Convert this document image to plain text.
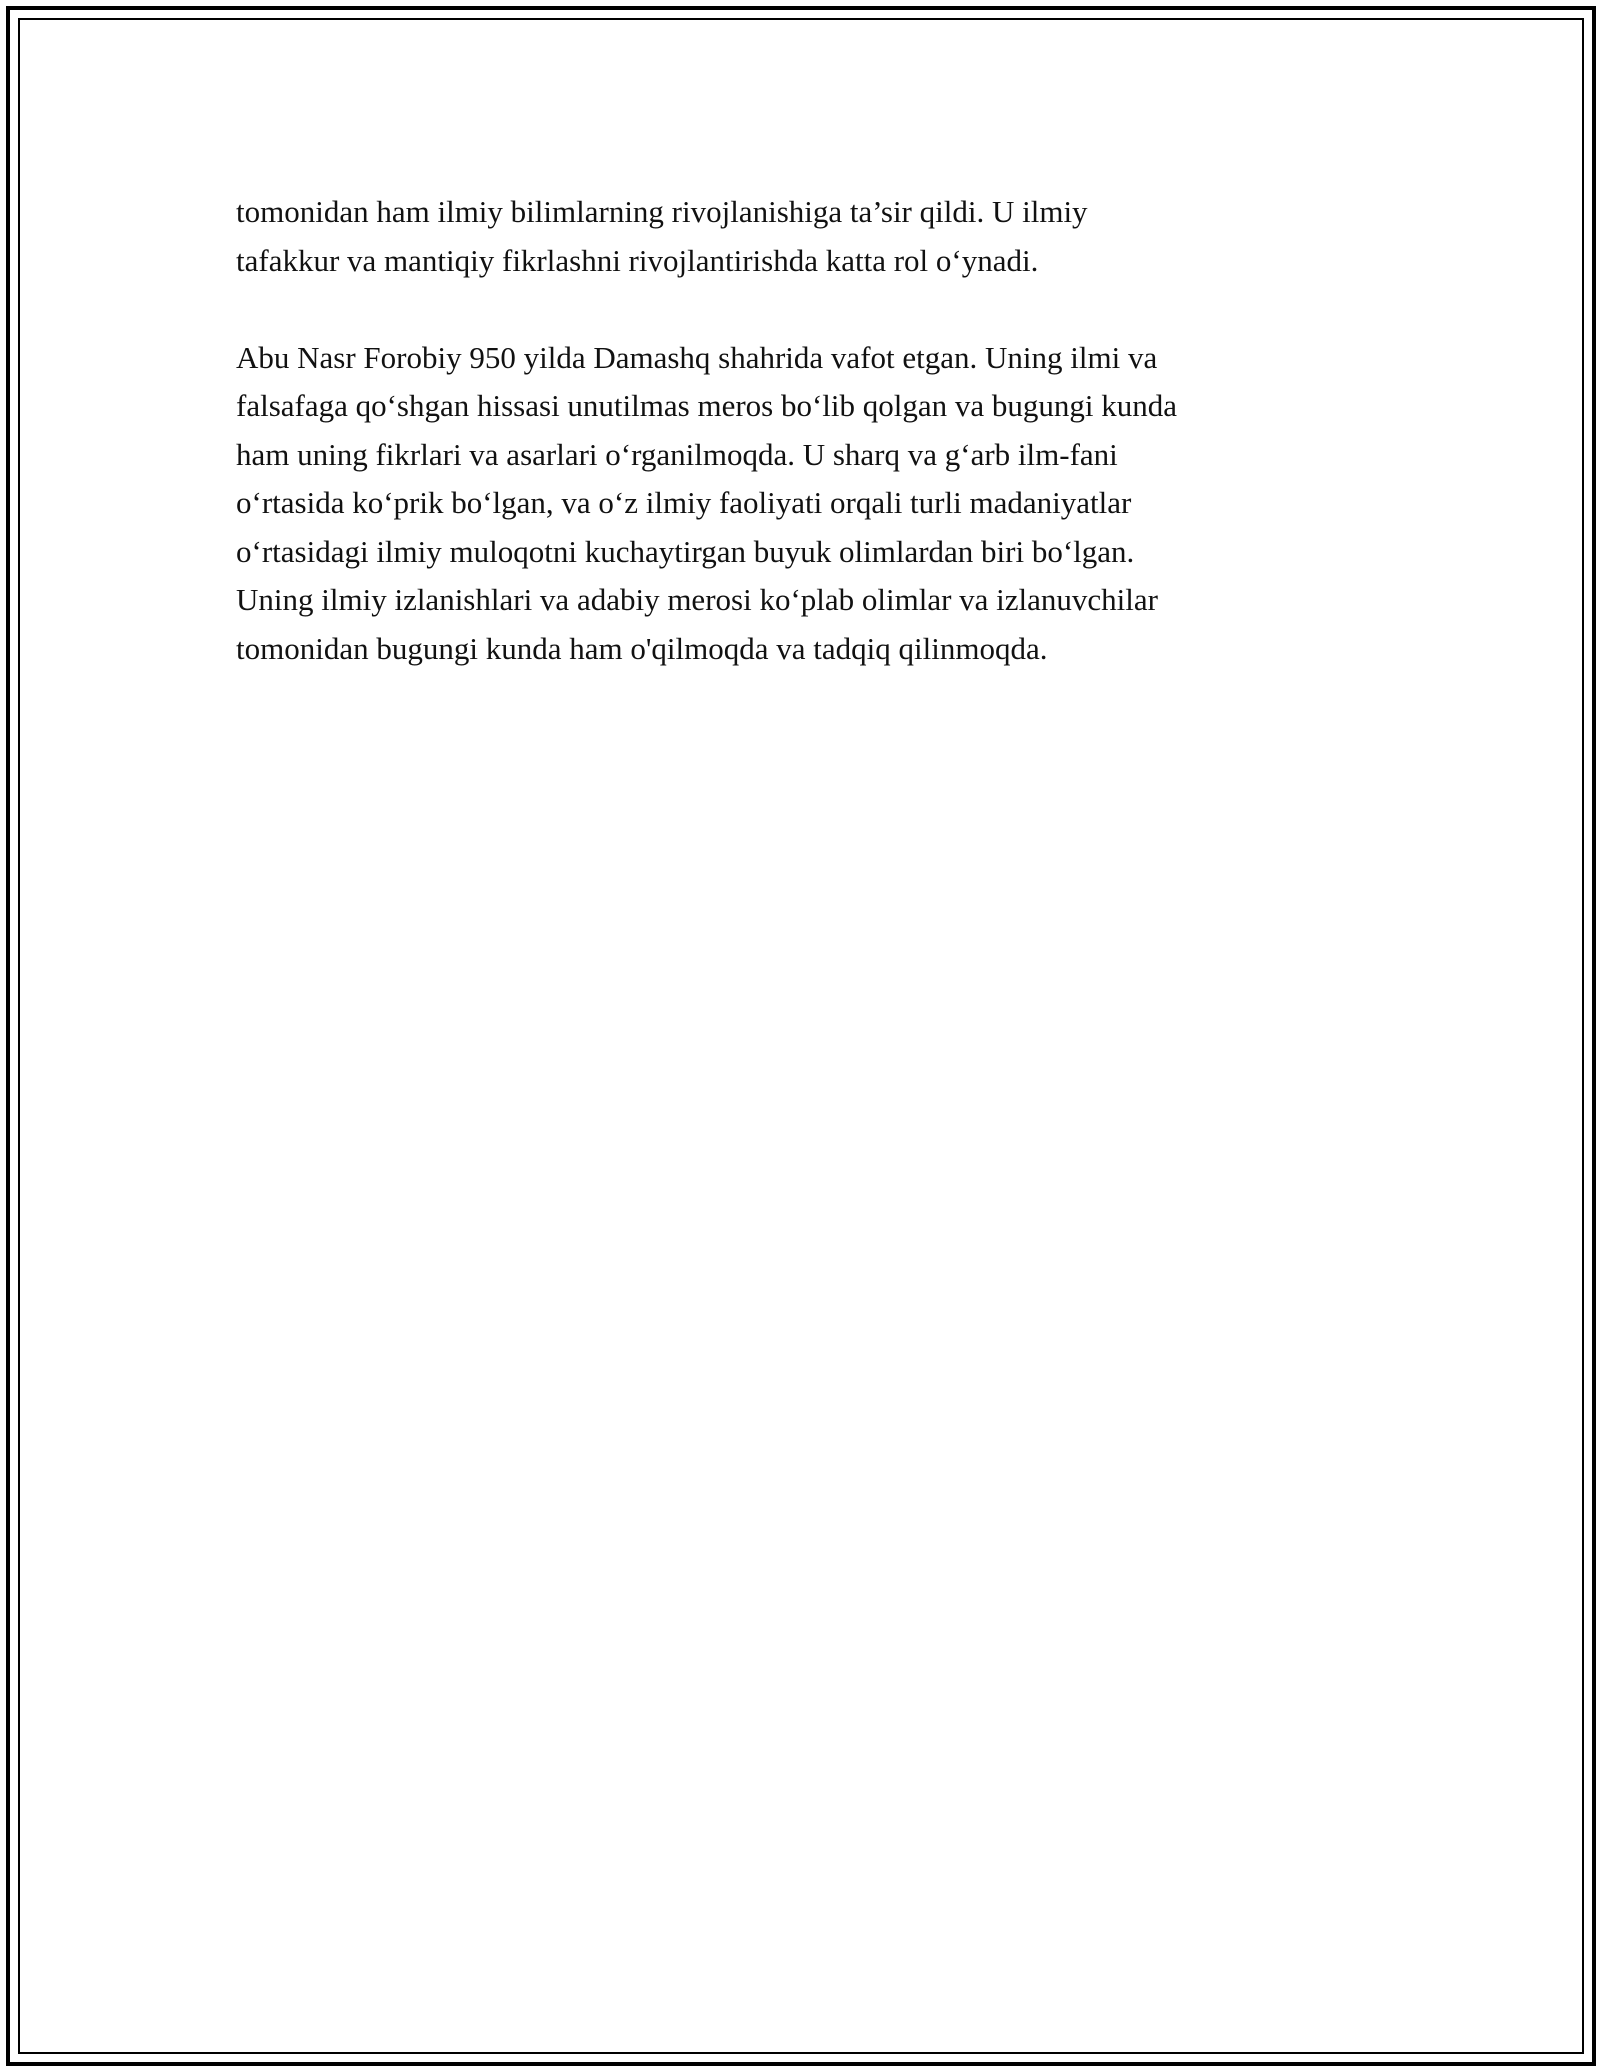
tomonidan ham ilmiy bilimlarning rivojlanishiga ta’sir qildi. U ilmiy
tafakkur va mantiqiy fikrlashni rivojlantirishda katta rol o‘ynadi.

Abu Nasr Forobiy 950 yilda Damashq shahrida vafot etgan. Uning ilmi va
falsafaga qo‘shgan hissasi unutilmas meros bo‘lib qolgan va bugungi kunda
ham uning fikrlari va asarlari o‘rganilmoqda. U sharq va g‘arb ilm-fani
o‘rtasida ko‘prik bo‘lgan, va o‘z ilmiy faoliyati orqali turli madaniyatlar
o‘rtasidagi ilmiy muloqotni kuchaytirgan buyuk olimlardan biri bo‘lgan.
Uning ilmiy izlanishlari va adabiy merosi ko‘plab olimlar va izlanuvchilar
tomonidan bugungi kunda ham o'qilmoqda va tadqiq qilinmoqda.
